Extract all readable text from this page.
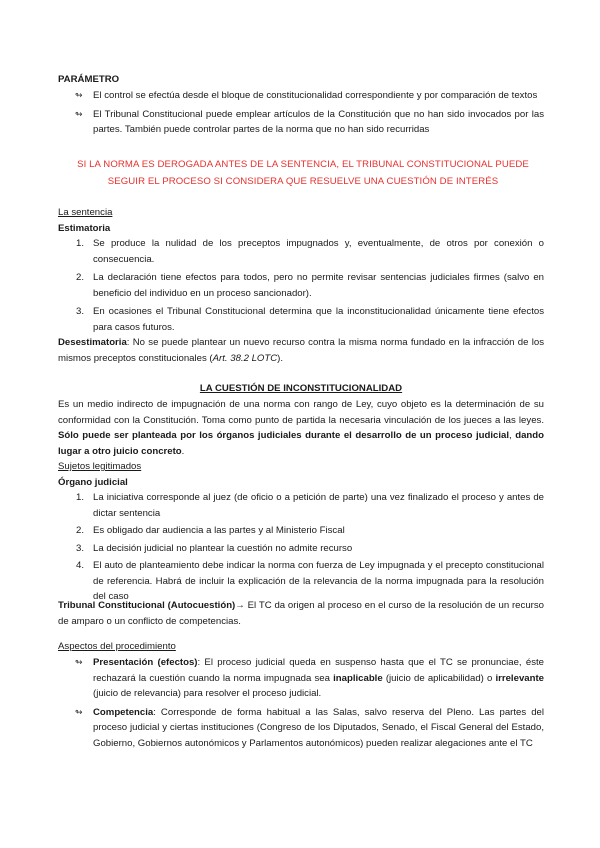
PARÁMETRO
↬ El control se efectúa desde el bloque de constitucionalidad correspondiente y por comparación de textos
↬ El Tribunal Constitucional puede emplear artículos de la Constitución que no han sido invocados por las partes. También puede controlar partes de la norma que no han sido recurridas
SI LA NORMA ES DEROGADA ANTES DE LA SENTENCIA, EL TRIBUNAL CONSTITUCIONAL PUEDE SEGUIR EL PROCESO SI CONSIDERA QUE RESUELVE UNA CUESTIÓN DE INTERÉS
La sentencia
Estimatoria
1. Se produce la nulidad de los preceptos impugnados y, eventualmente, de otros por conexión o consecuencia.
2. La declaración tiene efectos para todos, pero no permite revisar sentencias judiciales firmes (salvo en beneficio del individuo en un proceso sancionador).
3. En ocasiones el Tribunal Constitucional determina que la inconstitucionalidad únicamente tiene efectos para casos futuros.
Desestimatoria: No se puede plantear un nuevo recurso contra la misma norma fundado en la infracción de los mismos preceptos constitucionales (Art. 38.2 LOTC).
LA CUESTIÓN DE INCONSTITUCIONALIDAD
Es un medio indirecto de impugnación de una norma con rango de Ley, cuyo objeto es la determinación de su conformidad con la Constitución. Toma como punto de partida la necesaria vinculación de los jueces a las leyes. Sólo puede ser planteada por los órganos judiciales durante el desarrollo de un proceso judicial, dando lugar a otro juicio concreto.
Sujetos legitimados
Órgano judicial
1. La iniciativa corresponde al juez (de oficio o a petición de parte) una vez finalizado el proceso y antes de dictar sentencia
2. Es obligado dar audiencia a las partes y al Ministerio Fiscal
3. La decisión judicial no plantear la cuestión no admite recurso
4. El auto de planteamiento debe indicar la norma con fuerza de Ley impugnada y el precepto constitucional de referencia. Habrá de incluir la explicación de la relevancia de la norma impugnada para la resolución del caso
Tribunal Constitucional (Autocuestión)→ El TC da origen al proceso en el curso de la resolución de un recurso de amparo o un conflicto de competencias.
Aspectos del procedimiento
↬ Presentación (efectos): El proceso judicial queda en suspenso hasta que el TC se pronunciae, éste rechazará la cuestión cuando la norma impugnada sea inaplicable (juicio de aplicabilidad) o irrelevante (juicio de relevancia) para resolver el proceso judicial.
↬ Competencia: Corresponde de forma habitual a las Salas, salvo reserva del Pleno. Las partes del proceso judicial y ciertas instituciones (Congreso de los Diputados, Senado, el Fiscal General del Estado, Gobierno, Gobiernos autonómicos y Parlamentos autonómicos) pueden realizar alegaciones ante el TC
